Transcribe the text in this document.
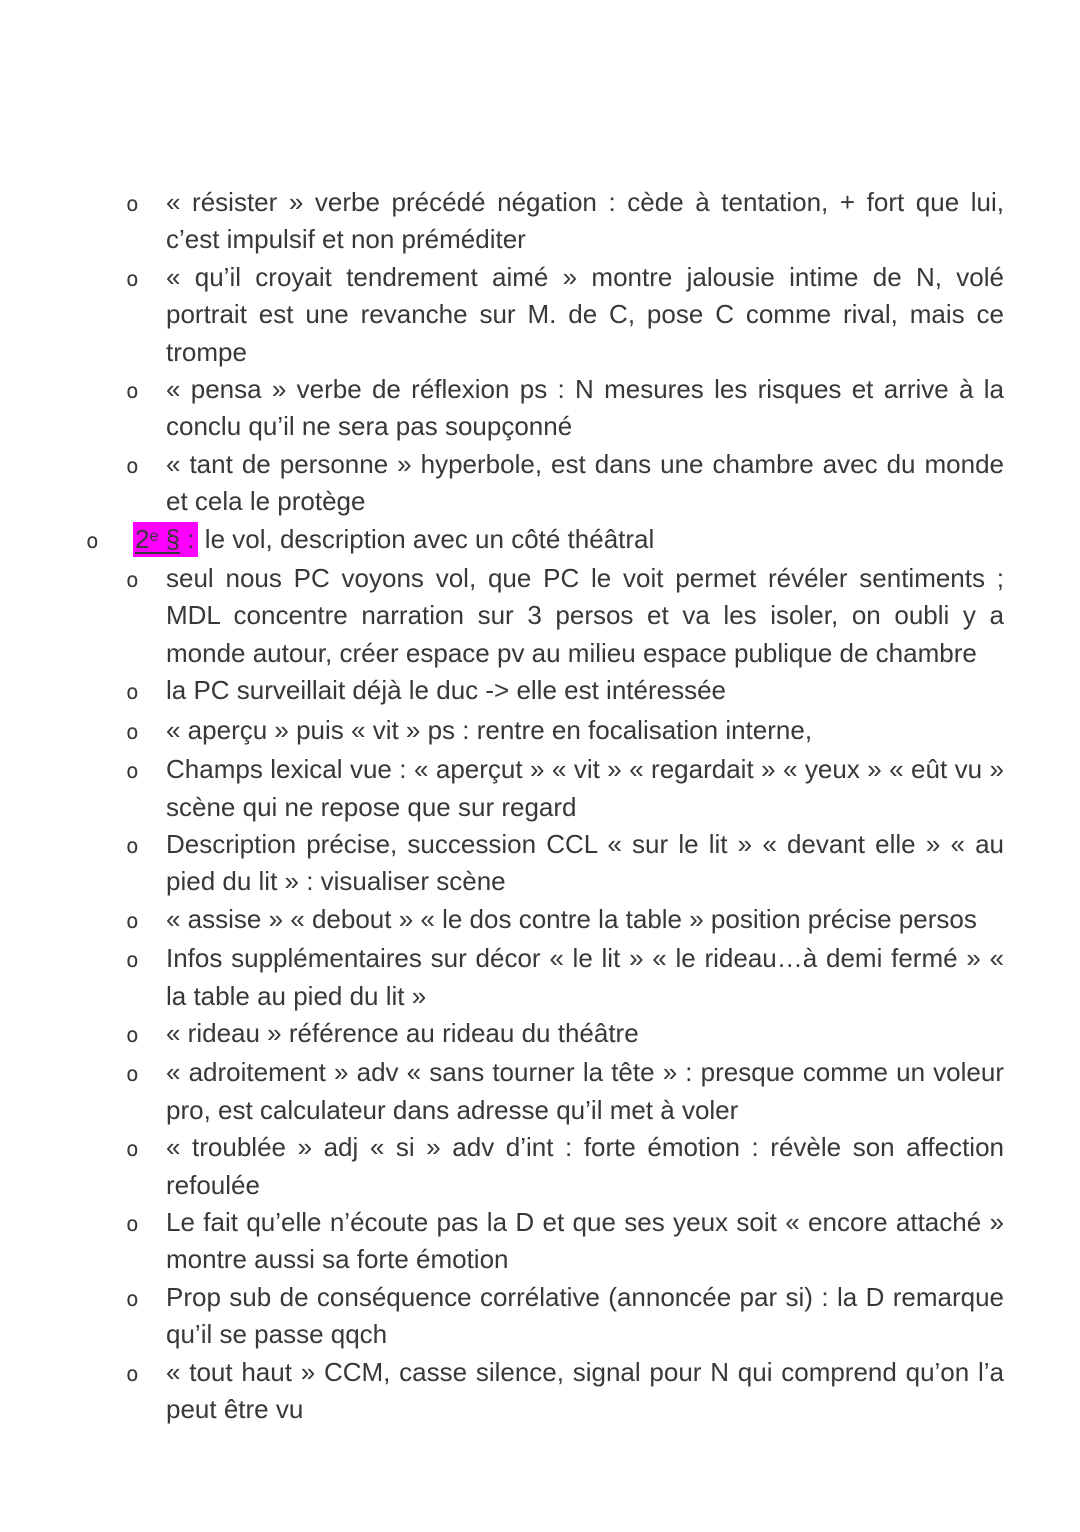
o	« résister » verbe précédé négation : cède à tentation, + fort que lui, c’est impulsif et non préméditer
o	« qu’il croyait tendrement aimé » montre jalousie intime de N, volé portrait est une revanche sur M. de C, pose C comme rival, mais ce trompe
o	« pensa » verbe de réflexion ps : N mesures les risques et arrive à la conclu qu’il ne sera pas soupçonné
o	« tant de personne » hyperbole, est dans une chambre avec du monde et cela le protège
o	2e § : le vol, description avec un côté théâtral
o	seul nous PC voyons vol, que PC le voit permet révéler sentiments ; MDL concentre narration sur 3 persos et va les isoler, on oubli y a monde autour, créer espace pv au milieu espace publique de chambre
o	la PC surveillait déjà le duc -> elle est intéressée
o	« aperçu » puis « vit » ps : rentre en focalisation interne,
o	Champs lexical vue : « aperçut » « vit » « regardait » « yeux » « eût vu » scène qui ne repose que sur regard
o	Description précise, succession CCL « sur le lit » « devant elle » « au pied du lit » : visualiser scène
o	« assise » « debout » « le dos contre la table » position précise persos
o	Infos supplémentaires sur décor « le lit » « le rideau…à demi fermé » « la table au pied du lit »
o	« rideau » référence au rideau du théâtre
o	« adroitement » adv « sans tourner la tête » : presque comme un voleur pro, est calculateur dans adresse qu’il met à voler
o	« troublée » adj « si » adv d’int : forte émotion : révèle son affection refoulée
o	Le fait qu’elle n’écoute pas la D et que ses yeux soit « encore attaché » montre aussi sa forte émotion
o	Prop sub de conséquence corrélative (annoncée par si) : la D remarque qu’il se passe qqch
o	« tout haut » CCM, casse silence, signal pour N qui comprend qu’on l’a peut être vu
